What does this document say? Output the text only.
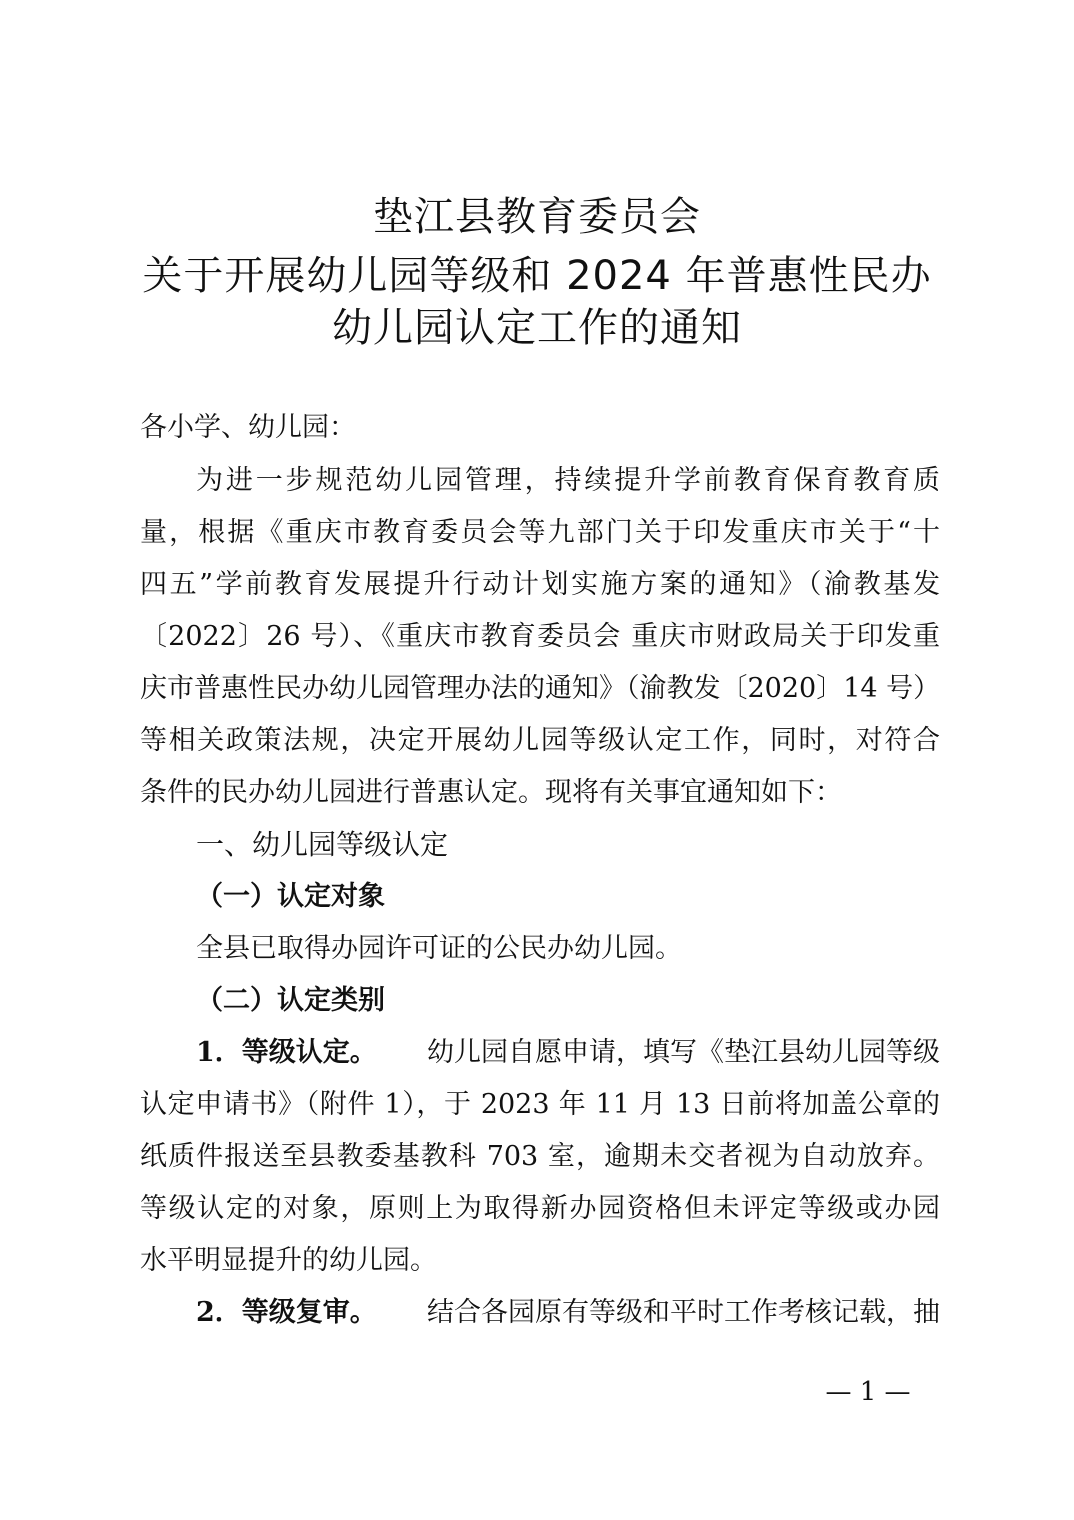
垫江县教育委员会
关于开展幼儿园等级和 2024 年普惠性民办
幼儿园认定工作的通知
各小学、幼儿园：
为进一步规范幼儿园管理，持续提升学前教育保育教育质
量，根据《重庆市教育委员会等九部门关于印发重庆市关于“十
四五”学前教育发展提升行动计划实施方案的通知》（渝教基发
〔2022〕26 号）、《重庆市教育委员会 重庆市财政局关于印发重
庆市普惠性民办幼儿园管理办法的通知》（渝教发〔2020〕14 号）
等相关政策法规，决定开展幼儿园等级认定工作，同时，对符合
条件的民办幼儿园进行普惠认定。现将有关事宜通知如下：
一、幼儿园等级认定
（一）认定对象
全县已取得办园许可证的公民办幼儿园。
（二）认定类别
1．等级认定。 幼儿园自愿申请，填写《垫江县幼儿园等级
认定申请书》（附件 1），于 2023 年 11 月 13 日前将加盖公章的
纸质件报送至县教委基教科 703 室，逾期未交者视为自动放弃。
等级认定的对象，原则上为取得新办园资格但未评定等级或办园
水平明显提升的幼儿园。
2．等级复审。 结合各园原有等级和平时工作考核记载，抽
— 1 —
